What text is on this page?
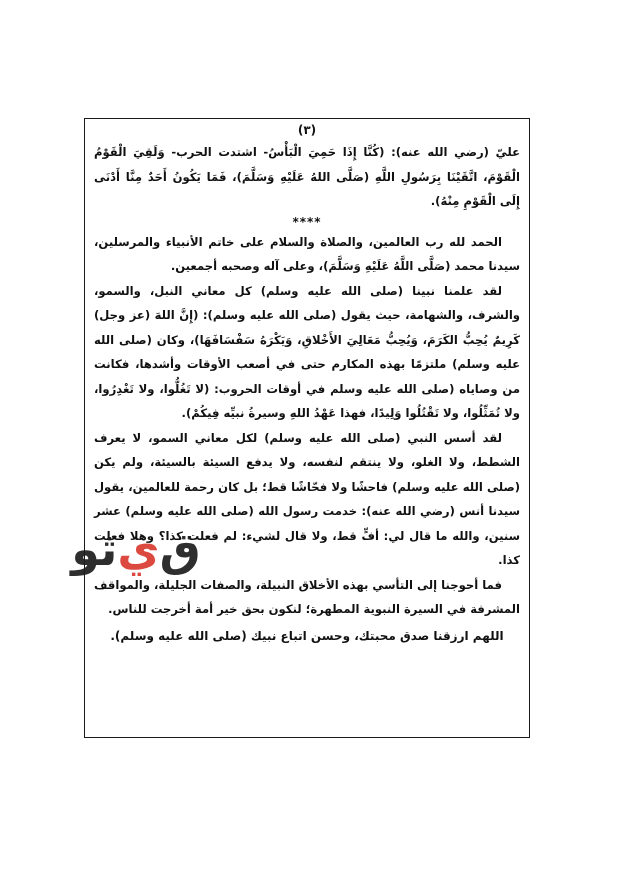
(٣)

عليّ (رضي الله عنه): (كُنَّا إِذَا حَمِيَ الْبَأْسُ- اشتدت الحرب- وَلَقِيَ الْقَوْمُ الْقَوْمَ، اتَّقَيْنَا بِرَسُولِ اللَّهِ (صَلَّى اللهُ عَلَيْهِ وَسَلَّمَ)، فَمَا يَكُونُ أَحَدٌ مِنَّا أَدْنَى إِلَى الْقَوْمِ مِنْهُ).

****

الحمد لله رب العالمين، والصلاة والسلام على خاتم الأنبياء والمرسلين، سيدنا محمد (صَلَّى اللَّهُ عَلَيْهِ وَسَلَّمَ)، وعلى آله وصحبه أجمعين.

لقد علمنا نبينا (صلى الله عليه وسلم) كل معاني النبل، والسمو، والشرف، والشهامة، حيث يقول (صلى الله عليه وسلم): (إِنَّ اللهَ (عز وجل) كَرِيمٌ يُحِبُّ الكَرَمَ، وَيُحِبُّ مَعَالِيَ الأَخْلاقِ، وَيَكْرَهُ سَفْسَافَهَا)، وكان (صلى الله عليه وسلم) ملتزمًا بهذه المكارم حتى في أصعب الأوقات وأشدها، فكانت من وصاياه (صلى الله عليه وسلم في أوقات الحروب: (لا تَغُلُّوا، ولا تَغْدِرُوا، ولا تُمَثِّلُوا، ولا تَقْتُلُوا وَلِيدًا، فهذا عَهْدُ اللهِ وسيرةُ نبيِّه فِيكُمْ).

لقد أسس النبي (صلى الله عليه وسلم) لكل معاني السمو، لا يعرف الشطط، ولا الغلو، ولا ينتقم لنفسه، ولا يدفع السيئة بالسيئة، ولم يكن (صلى الله عليه وسلم) فاحشًا ولا فحّاشًا قط؛ بل كان رحمة للعالمين، يقول سيدنا أنس (رضي الله عنه): خدمت رسول الله (صلى الله عليه وسلم) عشر سنين، والله ما قال لي: أفٍّ قط، ولا قال لشيء: لم فعلت كذا؟ وهلا فعلت كذا.

فما أحوجنا إلى التأسي بهذه الأخلاق النبيلة، والصفات الجليلة، والمواقف المشرفة في السيرة النبوية المطهرة؛ لنكون بحق خير أمة أخرجت للناس.

اللهم ارزقنا صدق محبتك، وحسن اتباع نبيك (صلى الله عليه وسلم).

ثو ي ق
